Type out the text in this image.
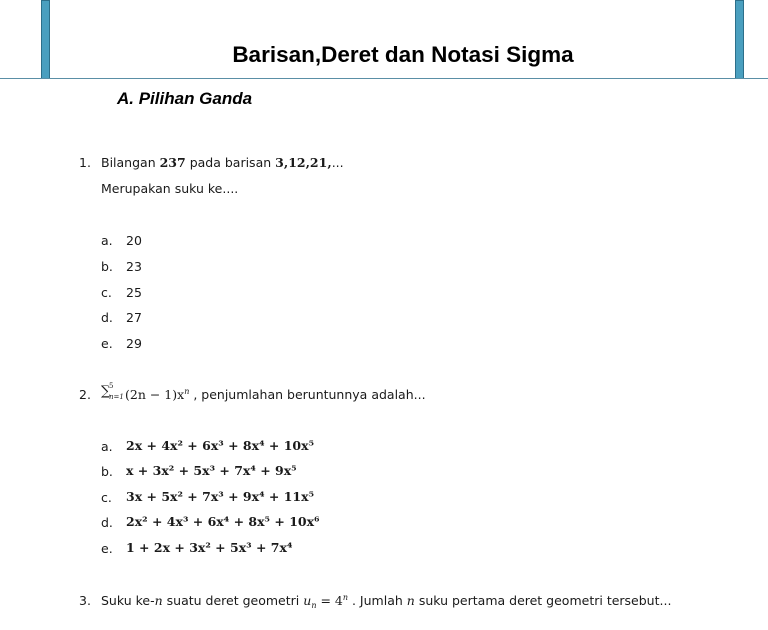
Barisan,Deret dan Notasi Sigma
A. Pilihan Ganda
1. Bilangan 237 pada barisan 3,12,21,...
Merupakan suku ke....
a. 20
b. 23
c. 25
d. 27
e. 29
2. ∑
5
n=1 $(2n - 1)x^n$ , penjumlahan beruntunnya adalah...
a. 2x + 4x² + 6x³ + 8x⁴ + 10x⁵
b. x + 3x² + 5x³ + 7x⁴ + 9x⁵
c. 3x + 5x² + 7x³ + 9x⁴ + 11x⁵
d. 2x² + 4x³ + 6x⁴ + 8x⁵ + 10x⁶
e. 1 + 2x + 3x² + 5x³ + 7x⁴
3. Suku ke-n suatu deret geometri $u_n = 4^n$ . Jumlah n suku pertama deret geometri tersebut...
